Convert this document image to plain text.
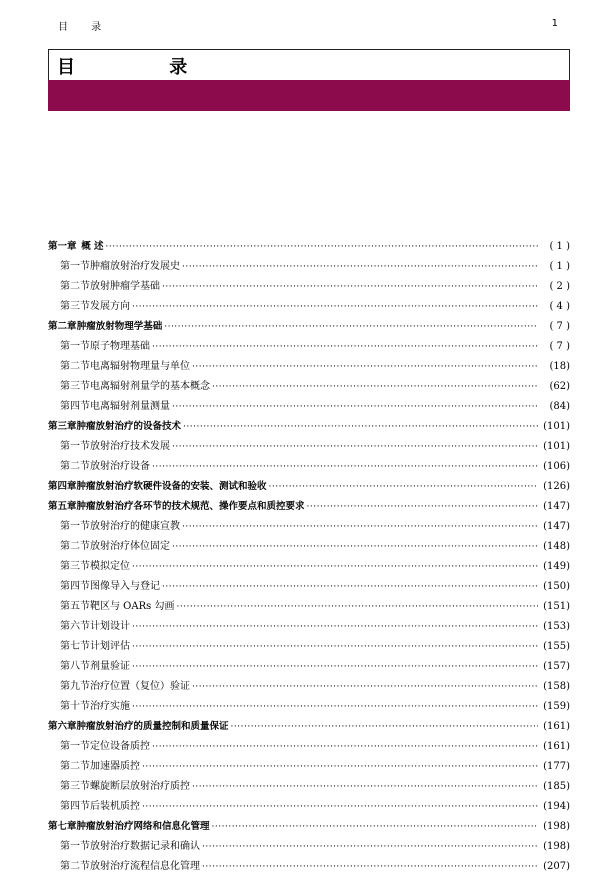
目 录	1
目 录
第一章 概 述 ·····	( 1 )
第一节 肿瘤放射治疗发展史 ·····	( 1 )
第二节 放射肿瘤学基础 ·····	( 2 )
第三节 发展方向 ·····	( 4 )
第二章 肿瘤放射物理学基础 ·····	( 7 )
第一节 原子物理基础 ·····	( 7 )
第二节 电离辐射物理量与单位 ·····	(18)
第三节 电离辐射剂量学的基本概念 ·····	(62)
第四节 电离辐射剂量测量 ·····	(84)
第三章 肿瘤放射治疗的设备技术 ·····	(101)
第一节 放射治疗技术发展 ·····	(101)
第二节 放射治疗设备 ·····	(106)
第四章 肿瘤放射治疗软硬件设备的安装、测试和验收 ·····	(126)
第五章 肿瘤放射治疗各环节的技术规范、操作要点和质控要求 ·····	(147)
第一节 放射治疗的健康宣教 ·····	(147)
第二节 放射治疗体位固定 ·····	(148)
第三节 模拟定位 ·····	(149)
第四节 图像导入与登记 ·····	(150)
第五节 靶区与 OARs 勾画 ·····	(151)
第六节 计划设计 ·····	(153)
第七节 计划评估 ·····	(155)
第八节 剂量验证 ·····	(157)
第九节 治疗位置（复位）验证 ·····	(158)
第十节 治疗实施 ·····	(159)
第六章 肿瘤放射治疗的质量控制和质量保证 ·····	(161)
第一节 定位设备质控 ·····	(161)
第二节 加速器质控 ·····	(177)
第三节 螺旋断层放射治疗质控 ·····	(185)
第四节 后装机质控 ·····	(194)
第七章 肿瘤放射治疗网络和信息化管理 ·····	(198)
第一节 放射治疗数据记录和确认 ·····	(198)
第二节 放射治疗流程信息化管理 ·····	(207)
